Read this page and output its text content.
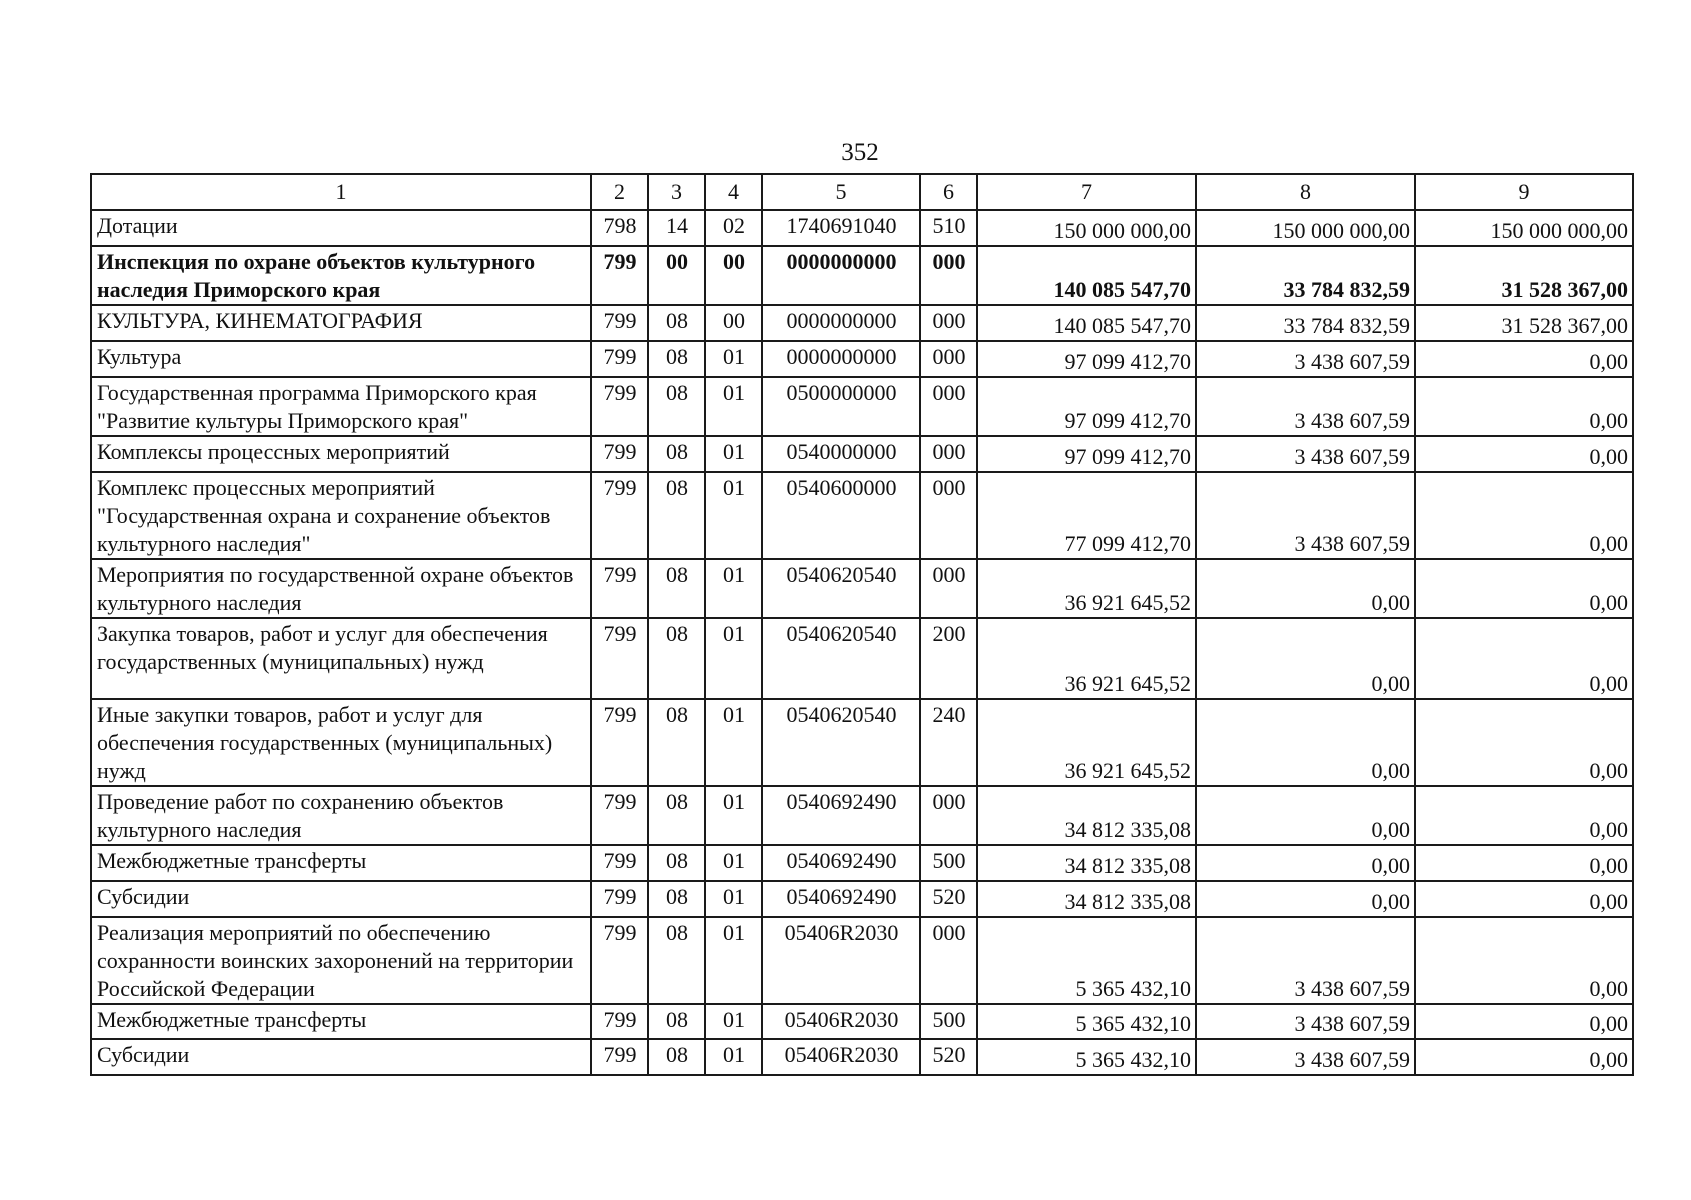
352
1	2	3	4	5	6	7	8	9
Дотации	798	14	02	1740691040	510	150 000 000,00	150 000 000,00	150 000 000,00
Инспекция по охране объектов культурного наследия Приморского края	799	00	00	0000000000	000	140 085 547,70	33 784 832,59	31 528 367,00
КУЛЬТУРА, КИНЕМАТОГРАФИЯ	799	08	00	0000000000	000	140 085 547,70	33 784 832,59	31 528 367,00
Культура	799	08	01	0000000000	000	97 099 412,70	3 438 607,59	0,00
Государственная программа Приморского края "Развитие культуры Приморского края"	799	08	01	0500000000	000	97 099 412,70	3 438 607,59	0,00
Комплексы процессных мероприятий	799	08	01	0540000000	000	97 099 412,70	3 438 607,59	0,00
Комплекс процессных мероприятий "Государственная охрана и сохранение объектов культурного наследия"	799	08	01	0540600000	000	77 099 412,70	3 438 607,59	0,00
Мероприятия по государственной охране объектов культурного наследия	799	08	01	0540620540	000	36 921 645,52	0,00	0,00
Закупка товаров, работ и услуг для обеспечения государственных (муниципальных) нужд	799	08	01	0540620540	200	36 921 645,52	0,00	0,00
Иные закупки товаров, работ и услуг для обеспечения государственных (муниципальных) нужд	799	08	01	0540620540	240	36 921 645,52	0,00	0,00
Проведение работ по сохранению объектов культурного наследия	799	08	01	0540692490	000	34 812 335,08	0,00	0,00
Межбюджетные трансферты	799	08	01	0540692490	500	34 812 335,08	0,00	0,00
Субсидии	799	08	01	0540692490	520	34 812 335,08	0,00	0,00
Реализация мероприятий по обеспечению сохранности воинских захоронений на территории Российской Федерации	799	08	01	05406R2030	000	5 365 432,10	3 438 607,59	0,00
Межбюджетные трансферты	799	08	01	05406R2030	500	5 365 432,10	3 438 607,59	0,00
Субсидии	799	08	01	05406R2030	520	5 365 432,10	3 438 607,59	0,00
